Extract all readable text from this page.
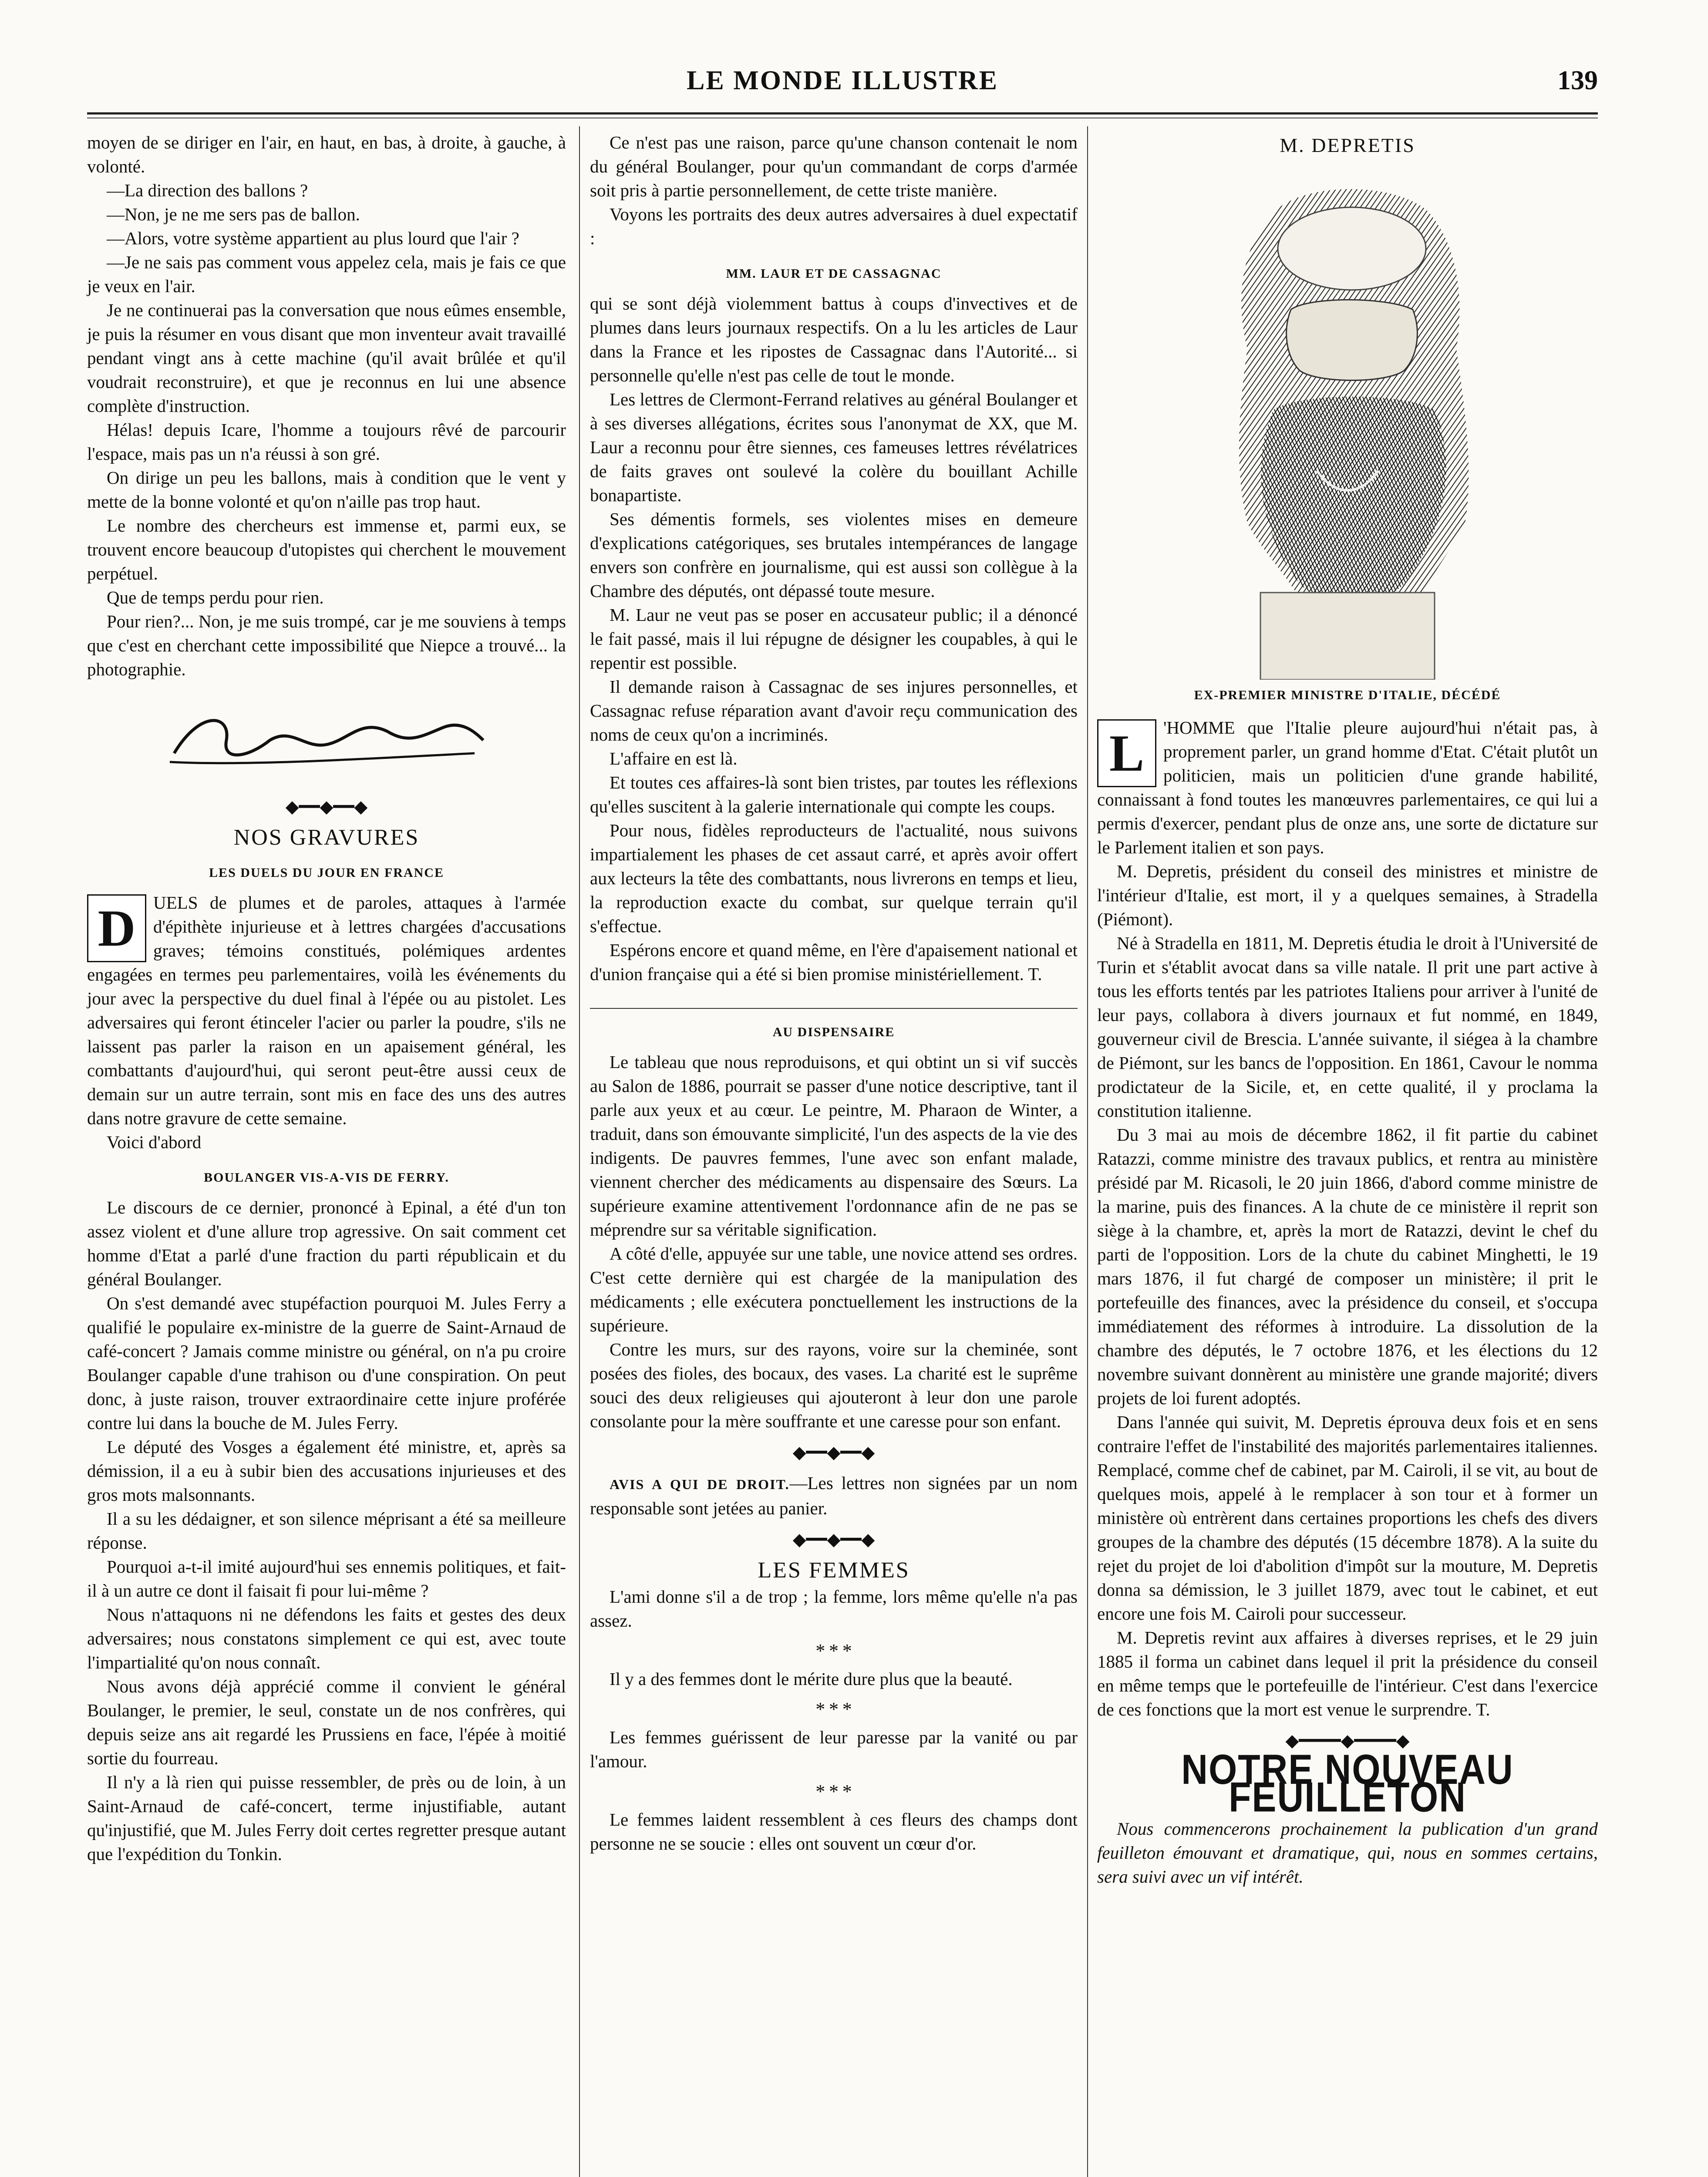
LE MONDE ILLUSTRE	139

moyen de se diriger en l'air, en haut, en bas, à droite, à gauche, à volonté.

—La direction des ballons ?

—Non, je ne me sers pas de ballon.

—Alors, votre système appartient au plus lourd que l'air ?

—Je ne sais pas comment vous appelez cela, mais je fais ce que je veux en l'air.

Je ne continuerai pas la conversation que nous eûmes ensemble, je puis la résumer en vous disant que mon inventeur avait travaillé pendant vingt ans à cette machine (qu'il avait brûlée et qu'il voudrait reconstruire), et que je reconnus en lui une absence complète d'instruction.

Hélas! depuis Icare, l'homme a toujours rêvé de parcourir l'espace, mais pas un n'a réussi à son gré.

On dirige un peu les ballons, mais à condition que le vent y mette de la bonne volonté et qu'on n'aille pas trop haut.

Le nombre des chercheurs est immense et, parmi eux, se trouvent encore beaucoup d'utopistes qui cherchent le mouvement perpétuel.

Que de temps perdu pour rien.

Pour rien?... Non, je me suis trompé, car je me souviens à temps que c'est en cherchant cette impossibilité que Niepce a trouvé... la photographie.

◆━━◆━━◆
NOS GRAVURES
LES DUELS DU JOUR EN FRANCE

D UELS de plumes et de paroles, attaques à l'armée d'épithète injurieuse et à lettres chargées d'accusations graves; témoins constitués, polémiques ardentes engagées en termes peu parlementaires, voilà les événements du jour avec la perspective du duel final à l'épée ou au pistolet. Les adversaires qui feront étinceler l'acier ou parler la poudre, s'ils ne laissent pas parler la raison en un apaisement général, les combattants d'aujourd'hui, qui seront peut-être aussi ceux de demain sur un autre terrain, sont mis en face des uns des autres dans notre gravure de cette semaine.

Voici d'abord

BOULANGER VIS-A-VIS DE FERRY.

Le discours de ce dernier, prononcé à Epinal, a été d'un ton assez violent et d'une allure trop agressive. On sait comment cet homme d'Etat a parlé d'une fraction du parti républicain et du général Boulanger.

On s'est demandé avec stupéfaction pourquoi M. Jules Ferry a qualifié le populaire ex-ministre de la guerre de Saint-Arnaud de café-concert ? Jamais comme ministre ou général, on n'a pu croire Boulanger capable d'une trahison ou d'une conspiration. On peut donc, à juste raison, trouver extraordinaire cette injure proférée contre lui dans la bouche de M. Jules Ferry.

Le député des Vosges a également été ministre, et, après sa démission, il a eu à subir bien des accusations injurieuses et des gros mots malsonnants.

Il a su les dédaigner, et son silence méprisant a été sa meilleure réponse.

Pourquoi a-t-il imité aujourd'hui ses ennemis politiques, et fait-il à un autre ce dont il faisait fi pour lui-même ?

Nous n'attaquons ni ne défendons les faits et gestes des deux adversaires; nous constatons simplement ce qui est, avec toute l'impartialité qu'on nous connaît.

Nous avons déjà apprécié comme il convient le général Boulanger, le premier, le seul, constate un de nos confrères, qui depuis seize ans ait regardé les Prussiens en face, l'épée à moitié sortie du fourreau.

Il n'y a là rien qui puisse ressembler, de près ou de loin, à un Saint-Arnaud de café-concert, terme injustifiable, autant qu'injustifié, que M. Jules Ferry doit certes regretter presque autant que l'expédition du Tonkin.

Ce n'est pas une raison, parce qu'une chanson contenait le nom du général Boulanger, pour qu'un commandant de corps d'armée soit pris à partie personnellement, de cette triste manière.

Voyons les portraits des deux autres adversaires à duel expectatif :

MM. LAUR ET DE CASSAGNAC

qui se sont déjà violemment battus à coups d'invectives et de plumes dans leurs journaux respectifs. On a lu les articles de Laur dans la France et les ripostes de Cassagnac dans l'Autorité... si personnelle qu'elle n'est pas celle de tout le monde.

Les lettres de Clermont-Ferrand relatives au général Boulanger et à ses diverses allégations, écrites sous l'anonymat de XX, que M. Laur a reconnu pour être siennes, ces fameuses lettres révélatrices de faits graves ont soulevé la colère du bouillant Achille bonapartiste.

Ses démentis formels, ses violentes mises en demeure d'explications catégoriques, ses brutales intempérances de langage envers son confrère en journalisme, qui est aussi son collègue à la Chambre des députés, ont dépassé toute mesure.

M. Laur ne veut pas se poser en accusateur public; il a dénoncé le fait passé, mais il lui répugne de désigner les coupables, à qui le repentir est possible.

Il demande raison à Cassagnac de ses injures personnelles, et Cassagnac refuse réparation avant d'avoir reçu communication des noms de ceux qu'on a incriminés.

L'affaire en est là.

Et toutes ces affaires-là sont bien tristes, par toutes les réflexions qu'elles suscitent à la galerie internationale qui compte les coups.

Pour nous, fidèles reproducteurs de l'actualité, nous suivons impartialement les phases de cet assaut carré, et après avoir offert aux lecteurs la tête des combattants, nous livrerons en temps et lieu, la reproduction exacte du combat, sur quelque terrain qu'il s'effectue.

Espérons encore et quand même, en l'ère d'apaisement national et d'union française qui a été si bien promise ministériellement. T.

AU DISPENSAIRE

Le tableau que nous reproduisons, et qui obtint un si vif succès au Salon de 1886, pourrait se passer d'une notice descriptive, tant il parle aux yeux et au cœur. Le peintre, M. Pharaon de Winter, a traduit, dans son émouvante simplicité, l'un des aspects de la vie des indigents. De pauvres femmes, l'une avec son enfant malade, viennent chercher des médicaments au dispensaire des Sœurs. La supérieure examine attentivement l'ordonnance afin de ne pas se méprendre sur sa véritable signification.

A côté d'elle, appuyée sur une table, une novice attend ses ordres. C'est cette dernière qui est chargée de la manipulation des médicaments ; elle exécutera ponctuellement les instructions de la supérieure.

Contre les murs, sur des rayons, voire sur la cheminée, sont posées des fioles, des bocaux, des vases. La charité est le suprême souci des deux religieuses qui ajouteront à leur don une parole consolante pour la mère souffrante et une caresse pour son enfant.

◆━━◆━━◆

AVIS A QUI DE DROIT.—Les lettres non signées par un nom responsable sont jetées au panier.

◆━━◆━━◆
LES FEMMES

L'ami donne s'il a de trop ; la femme, lors même qu'elle n'a pas assez.

* * *

Il y a des femmes dont le mérite dure plus que la beauté.

* * *

Les femmes guérissent de leur paresse par la vanité ou par l'amour.

* * *

Le femmes laident ressemblent à ces fleurs des champs dont personne ne se soucie : elles ont souvent un cœur d'or.

M. DEPRETIS
EX-PREMIER MINISTRE D'ITALIE, DÉCÉDÉ

L	'HOMME que l'Italie pleure aujourd'hui n'était pas, à proprement parler, un grand homme d'Etat. C'était plutôt un politicien, mais un politicien d'une grande habilité, connaissant à fond toutes les manœuvres parlementaires, ce qui lui a permis d'exercer, pendant plus de onze ans, une sorte de dictature sur le Parlement italien et son pays.

M. Depretis, président du conseil des ministres et ministre de l'intérieur d'Italie, est mort, il y a quelques semaines, à Stradella (Piémont).

Né à Stradella en 1811, M. Depretis étudia le droit à l'Université de Turin et s'établit avocat dans sa ville natale. Il prit une part active à tous les efforts tentés par les patriotes Italiens pour arriver à l'unité de leur pays, collabora à divers journaux et fut nommé, en 1849, gouverneur civil de Brescia. L'année suivante, il siégea à la chambre de Piémont, sur les bancs de l'opposition. En 1861, Cavour le nomma prodictateur de la Sicile, et, en cette qualité, il y proclama la constitution italienne.

Du 3 mai au mois de décembre 1862, il fit partie du cabinet Ratazzi, comme ministre des travaux publics, et rentra au ministère présidé par M. Ricasoli, le 20 juin 1866, d'abord comme ministre de la marine, puis des finances. A la chute de ce ministère il reprit son siège à la chambre, et, après la mort de Ratazzi, devint le chef du parti de l'opposition. Lors de la chute du cabinet Minghetti, le 19 mars 1876, il fut chargé de composer un ministère; il prit le portefeuille des finances, avec la présidence du conseil, et s'occupa immédiatement des réformes à introduire. La dissolution de la chambre des députés, le 7 octobre 1876, et les élections du 12 novembre suivant donnèrent au ministère une grande majorité; divers projets de loi furent adoptés.

Dans l'année qui suivit, M. Depretis éprouva deux fois et en sens contraire l'effet de l'instabilité des majorités parlementaires italiennes. Remplacé, comme chef de cabinet, par M. Cairoli, il se vit, au bout de quelques mois, appelé à le remplacer à son tour et à former un ministère où entrèrent dans certaines proportions les chefs des divers groupes de la chambre des députés (15 décembre 1878). A la suite du rejet du projet de loi d'abolition d'impôt sur la mouture, M. Depretis donna sa démission, le 3 juillet 1879, avec tout le cabinet, et eut encore une fois M. Cairoli pour successeur.

M. Depretis revint aux affaires à diverses reprises, et le 29 juin 1885 il forma un cabinet dans lequel il prit la présidence du conseil en même temps que le portefeuille de l'intérieur. C'est dans l'exercice de ces fonctions que la mort est venue le surprendre. T.

◆━━━━◆━━━━◆
NOTRE NOUVEAU FEUILLETON

Nous commencerons prochainement la publication d'un grand feuilleton émouvant et dramatique, qui, nous en sommes certains, sera suivi avec un vif intérêt.
